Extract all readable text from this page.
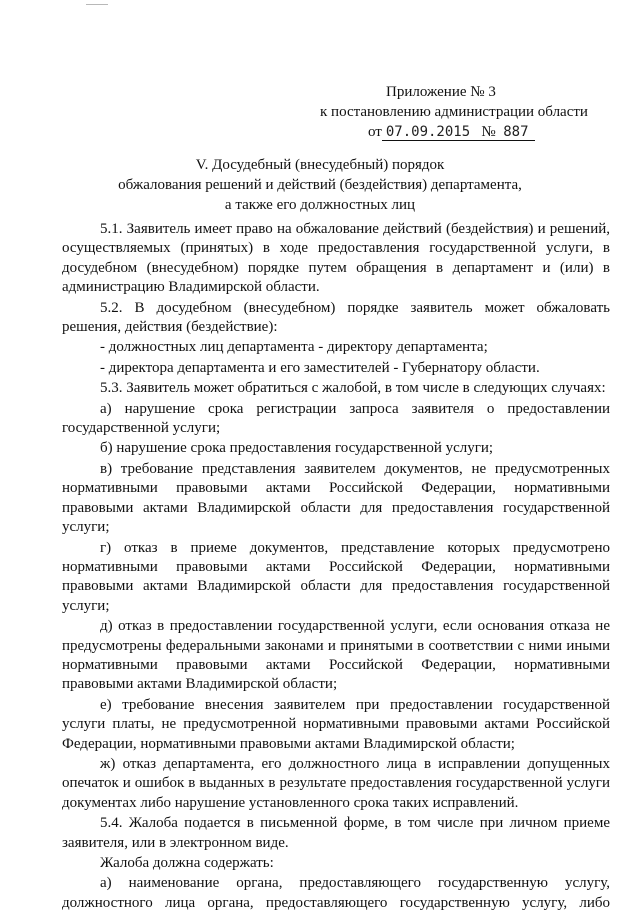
Приложение № 3
к постановлению администрации области
от 07.09.2015 № 887
V. Досудебный (внесудебный) порядок
обжалования решений и действий (бездействия) департамента,
а также его должностных лиц

5.1. Заявитель имеет право на обжалование действий (бездействия) и решений, осуществляемых (принятых) в ходе предоставления государственной услуги, в досудебном (внесудебном) порядке путем обращения в департамент и (или) в администрацию Владимирской области.

5.2. В досудебном (внесудебном) порядке заявитель может обжаловать решения, действия (бездействие):

- должностных лиц департамента - директору департамента;

- директора департамента и его заместителей - Губернатору области.

5.3. Заявитель может обратиться с жалобой, в том числе в следующих случаях:

а) нарушение срока регистрации запроса заявителя о предоставлении государственной услуги;

б) нарушение срока предоставления государственной услуги;

в) требование представления заявителем документов, не предусмотренных нормативными правовыми актами Российской Федерации, нормативными правовыми актами Владимирской области для предоставления государственной услуги;

г) отказ в приеме документов, представление которых предусмотрено нормативными правовыми актами Российской Федерации, нормативными правовыми актами Владимирской области для предоставления государственной услуги;

д) отказ в предоставлении государственной услуги, если основания отказа не предусмотрены федеральными законами и принятыми в соответствии с ними иными нормативными правовыми актами Российской Федерации, нормативными правовыми актами Владимирской области;

е) требование внесения заявителем при предоставлении государственной услуги платы, не предусмотренной нормативными правовыми актами Российской Федерации, нормативными правовыми актами Владимирской области;

ж) отказ департамента, его должностного лица в исправлении допущенных опечаток и ошибок в выданных в результате предоставления государственной услуги документах либо нарушение установленного срока таких исправлений.

5.4. Жалоба подается в письменной форме, в том числе при личном приеме заявителя, или в электронном виде.

Жалоба должна содержать:

а) наименование органа, предоставляющего государственную услугу, должностного лица органа, предоставляющего государственную услугу, либо
